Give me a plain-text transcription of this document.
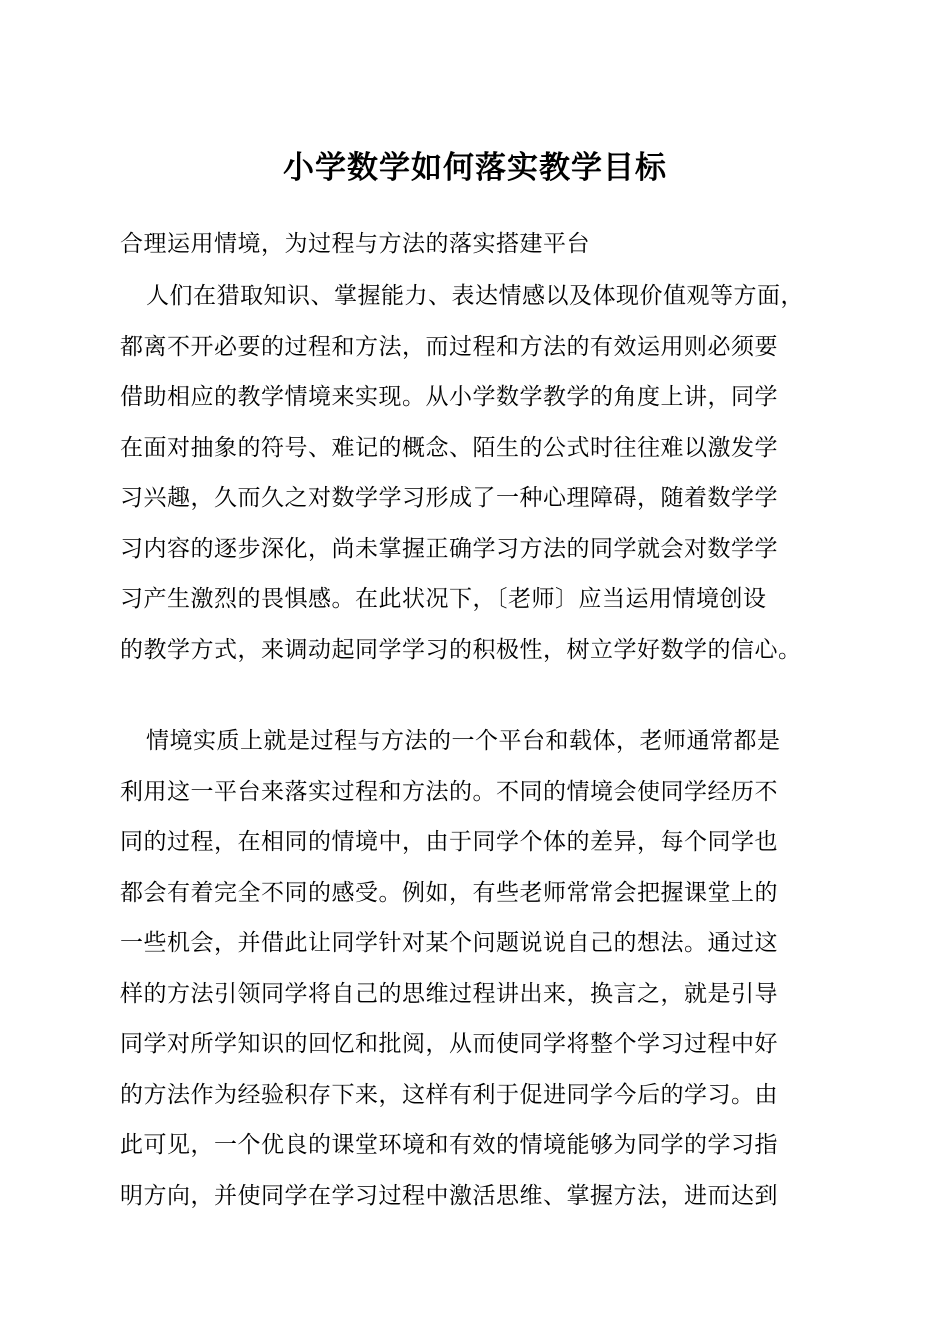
小学数学如何落实教学目标
合理运用情境，为过程与方法的落实搭建平台
人们在猎取知识、掌握能力、表达情感以及体现价值观等方面，
都离不开必要的过程和方法，而过程和方法的有效运用则必须要
借助相应的教学情境来实现。从小学数学教学的角度上讲，同学
在面对抽象的符号、难记的概念、陌生的公式时往往难以激发学
习兴趣，久而久之对数学学习形成了一种心理障碍，随着数学学
习内容的逐步深化，尚未掌握正确学习方法的同学就会对数学学
习产生激烈的畏惧感。在此状况下，〔老师〕应当运用情境创设
的教学方式，来调动起同学学习的积极性，树立学好数学的信心。
情境实质上就是过程与方法的一个平台和载体，老师通常都是
利用这一平台来落实过程和方法的。不同的情境会使同学经历不
同的过程，在相同的情境中，由于同学个体的差异，每个同学也
都会有着完全不同的感受。例如，有些老师常常会把握课堂上的
一些机会，并借此让同学针对某个问题说说自己的想法。通过这
样的方法引领同学将自己的思维过程讲出来，换言之，就是引导
同学对所学知识的回忆和批阅，从而使同学将整个学习过程中好
的方法作为经验积存下来，这样有利于促进同学今后的学习。由
此可见，一个优良的课堂环境和有效的情境能够为同学的学习指
明方向，并使同学在学习过程中激活思维、掌握方法，进而达到
